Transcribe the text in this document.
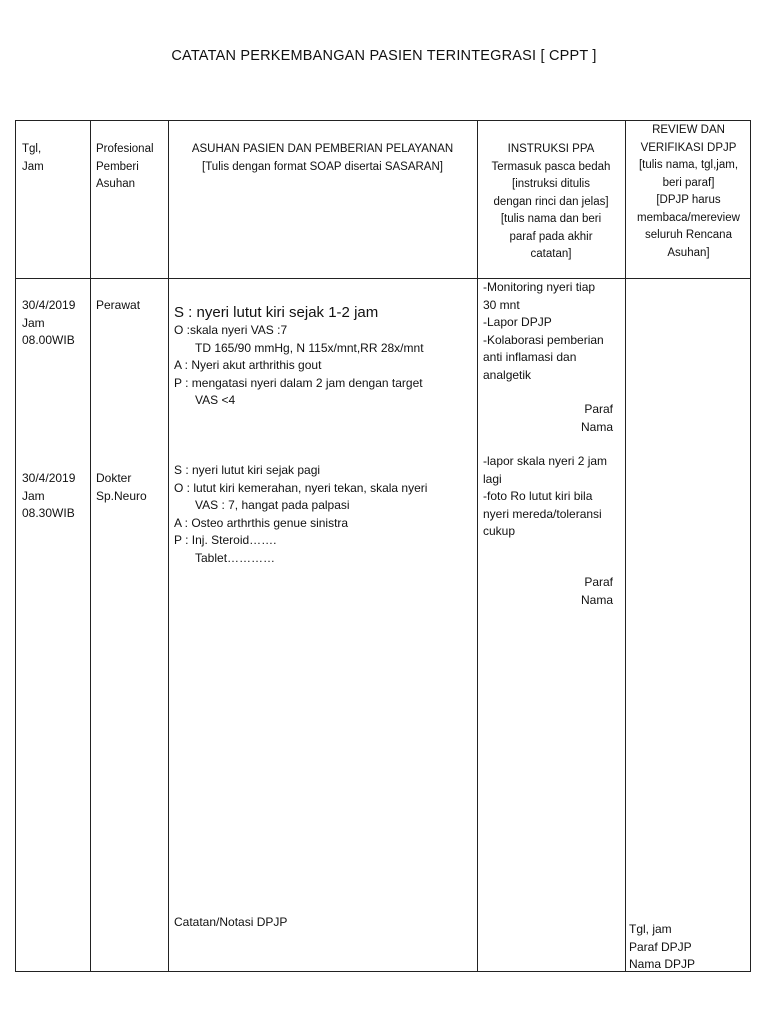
CATATAN PERKEMBANGAN PASIEN TERINTEGRASI [ CPPT ]
Tgl,
Jam
Profesional
Pemberi
Asuhan
ASUHAN PASIEN DAN PEMBERIAN PELAYANAN
[Tulis dengan format SOAP disertai SASARAN]
INSTRUKSI PPA
Termasuk pasca bedah
[instruksi ditulis
dengan rinci dan jelas]
[tulis nama dan beri
paraf pada akhir
catatan]
REVIEW DAN
VERIFIKASI DPJP
[tulis nama, tgl,jam,
beri paraf]
[DPJP harus
membaca/mereview
seluruh Rencana
Asuhan]
30/4/2019
Jam
08.00WIB
Perawat S : nyeri lutut kiri sejak 1-2 jam
O :skala nyeri VAS :7
TD 165/90 mmHg, N 115x/mnt,RR 28x/mnt
A : Nyeri akut arthrithis gout
P : mengatasi nyeri dalam 2 jam dengan target
VAS <4
-Monitoring nyeri tiap
30 mnt
-Lapor DPJP
-Kolaborasi pemberian
anti inflamasi dan
analgetik
Paraf
Nama
30/4/2019
Jam
08.30WIB
Dokter
Sp.Neuro
S : nyeri lutut kiri sejak pagi
O : lutut kiri kemerahan, nyeri tekan, skala nyeri
VAS : 7, hangat pada palpasi
A : Osteo arthrthis genue sinistra
P : Inj. Steroid…….
Tablet…………
-lapor skala nyeri 2 jam
lagi
-foto Ro lutut kiri bila
nyeri mereda/toleransi
cukup
Paraf
Nama
Catatan/Notasi DPJP	Tgl, jam
Paraf DPJP
Nama DPJP
